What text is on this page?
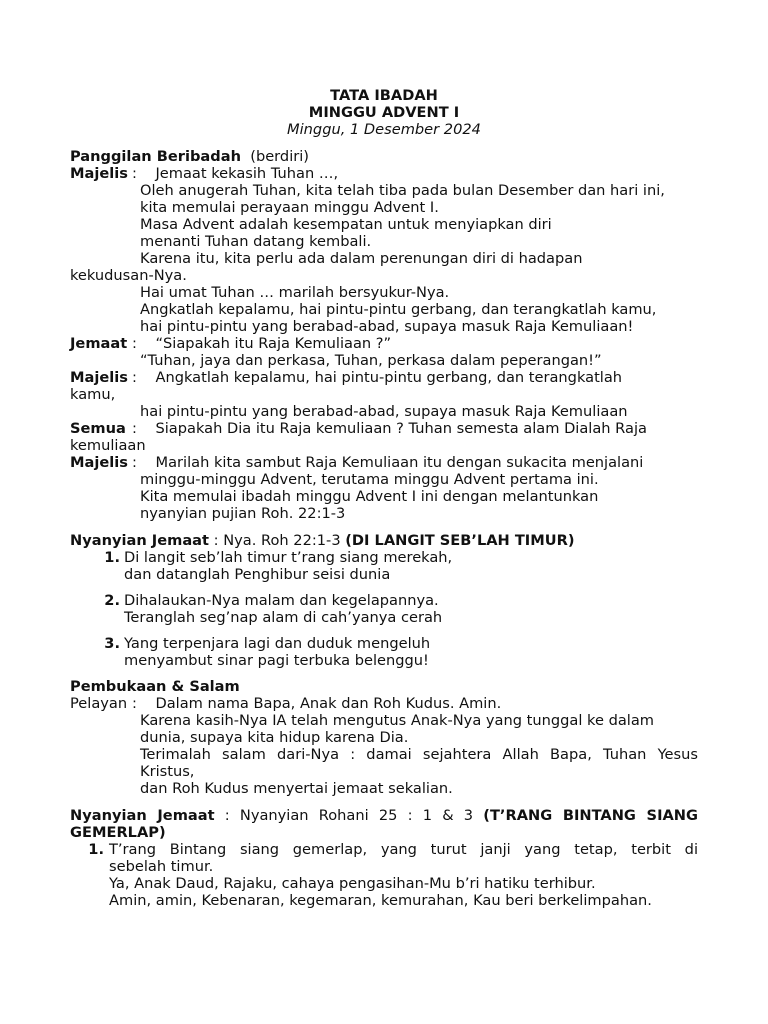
TATA IBADAH
MINGGU ADVENT I
Minggu, 1 Desember 2024
Panggilan Beribadah (berdiri)
Majelis :    Jemaat kekasih Tuhan …,
Oleh anugerah Tuhan, kita telah tiba pada bulan Desember dan hari ini,
kita memulai perayaan minggu Advent I.
Masa Advent adalah kesempatan untuk menyiapkan diri
menanti Tuhan datang kembali.
Karena itu, kita perlu ada dalam perenungan diri di hadapan
kekudusan-Nya.
Hai umat Tuhan … marilah bersyukur-Nya.
Angkatlah kepalamu, hai pintu-pintu gerbang, dan terangkatlah kamu,
hai pintu-pintu yang berabad-abad, supaya masuk Raja Kemuliaan!
Jemaat :    “Siapakah itu Raja Kemuliaan ?”
“Tuhan, jaya dan perkasa, Tuhan, perkasa dalam peperangan!”
Majelis :    Angkatlah kepalamu, hai pintu-pintu gerbang, dan terangkatlah
kamu,
hai pintu-pintu yang berabad-abad, supaya masuk Raja Kemuliaan
Semua :    Siapakah Dia itu Raja kemuliaan ? Tuhan semesta alam Dialah Raja
kemuliaan
Majelis :    Marilah kita sambut Raja Kemuliaan itu dengan sukacita menjalani
minggu-minggu Advent, terutama minggu Advent pertama ini.
Kita memulai ibadah minggu Advent I ini dengan melantunkan
nyanyian pujian Roh. 22:1-3
Nyanyian Jemaat : Nya. Roh 22:1-3 (DI LANGIT SEB’LAH TIMUR)
1. Di langit seb’lah timur t’rang siang merekah,
dan datanglah Penghibur seisi dunia
2. Dihalaukan-Nya malam dan kegelapannya.
Teranglah seg’nap alam di cah’yanya cerah
3. Yang terpenjara lagi dan duduk mengeluh
menyambut sinar pagi terbuka belenggu!
Pembukaan & Salam
Pelayan :    Dalam nama Bapa, Anak dan Roh Kudus. Amin.
Karena kasih-Nya IA telah mengutus Anak-Nya yang tunggal ke dalam
dunia, supaya kita hidup karena Dia.
Terimalah salam dari-Nya : damai sejahtera Allah Bapa, Tuhan Yesus
Kristus,
dan Roh Kudus menyertai jemaat sekalian.
Nyanyian Jemaat : Nyanyian Rohani 25 : 1 & 3 (T’RANG BINTANG SIANG
GEMERLAP)
1. T’rang Bintang siang gemerlap, yang turut janji yang tetap, terbit di
sebelah timur.
Ya, Anak Daud, Rajaku, cahaya pengasihan-Mu b’ri hatiku terhibur.
Amin, amin, Kebenaran, kegemaran, kemurahan, Kau beri berkelimpahan.
